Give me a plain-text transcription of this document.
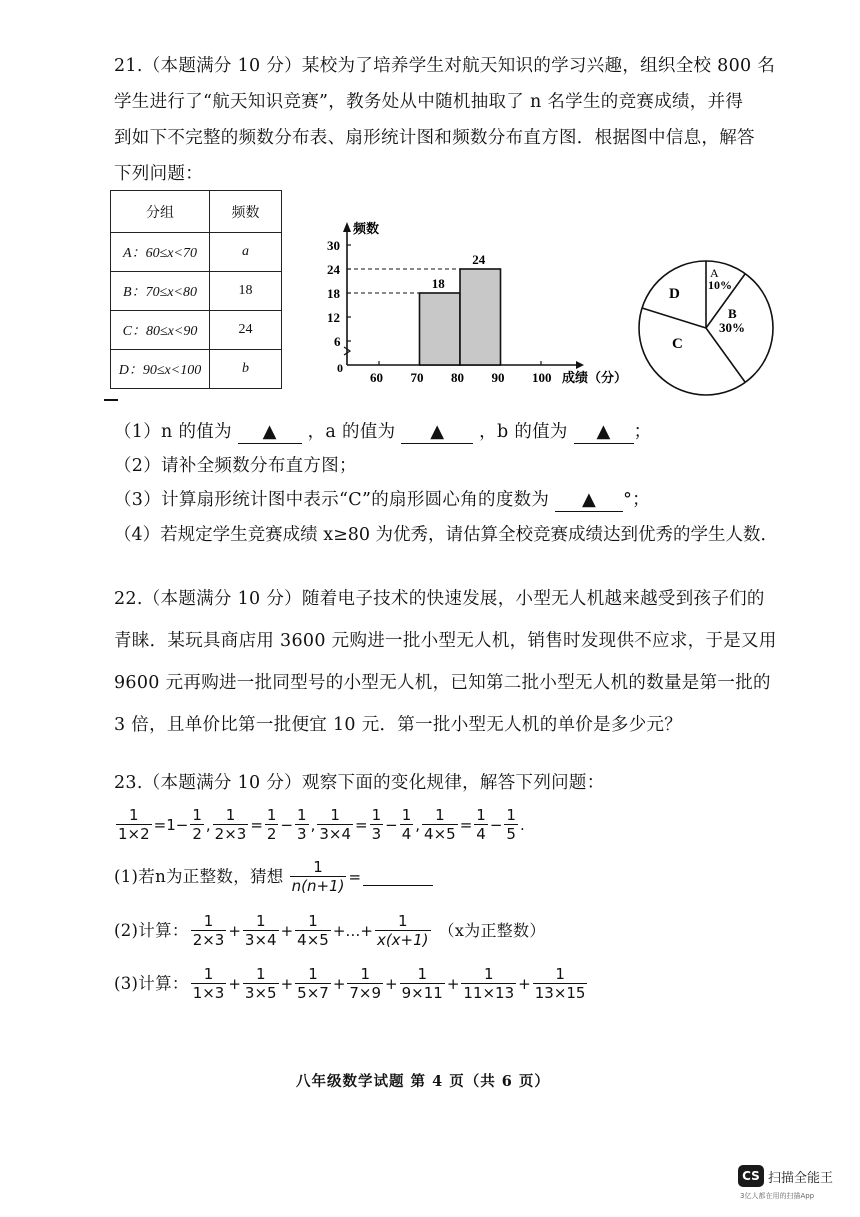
21.（本题满分 10 分）某校为了培养学生对航天知识的学习兴趣，组织全校 800 名
学生进行了“航天知识竞赛”，教务处从中随机抽取了 n 名学生的竞赛成绩，并得
到如下不完整的频数分布表、扇形统计图和频数分布直方图．根据图中信息，解答
下列问题：
分组	频数
A：60≤x<70	a
B：70≤x<80	18
C：80≤x<90	24
D：90≤x<100	b
频数
成绩（分）
0
6
12
18
24
30
60 70 80 90 100
18
24
A
10%
B
30%
C
D
（1）n 的值为 ▲ ，a 的值为 ▲ ，b 的值为 ▲ ；
（2）请补全频数分布直方图；
（3）计算扇形统计图中表示“C”的扇形圆心角的度数为 ▲ °；
（4）若规定学生竞赛成绩 x≥80 为优秀，请估算全校竞赛成绩达到优秀的学生人数．
22.（本题满分 10 分）随着电子技术的快速发展，小型无人机越来越受到孩子们的
青睐．某玩具商店用 3600 元购进一批小型无人机，销售时发现供不应求，于是又用
9600 元再购进一批同型号的小型无人机，已知第二批小型无人机的数量是第一批的
3 倍，且单价比第一批便宜 10 元．第一批小型无人机的单价是多少元？
23.（本题满分 10 分）观察下面的变化规律，解答下列问题：
$\frac{1}{1\times 2} =1- \frac{1}{2}$ , $\frac{1}{2\times 3} = \frac{1}{2} - \frac{1}{3}$ , $\frac{1}{3\times 4} = \frac{1}{3} - \frac{1}{4}$ , $\frac{1}{4\times 5} = \frac{1}{4} - \frac{1}{5}$ .
(1)若n为正整数，猜想 $\frac{1}{n(n+1)}$ =
(2)计算： $\frac{1}{2\times 3} + \frac{1}{3\times 4} + \frac{1}{4\times 5}$ +…+ $\frac{1}{x(x+1)} (x$为正整数）
(3)计算： $\frac{1}{1\times 3} + \frac{1}{3\times 5} + \frac{1}{5\times 7} + \frac{1}{7\times 9} + \frac{1}{9\times 11} + \frac{1}{11\times 13} + \frac{1}{13\times 15}$
八年级数学试题 第 4 页（共 6 页）
CS 扫描全能王
3亿人都在用的扫描App
